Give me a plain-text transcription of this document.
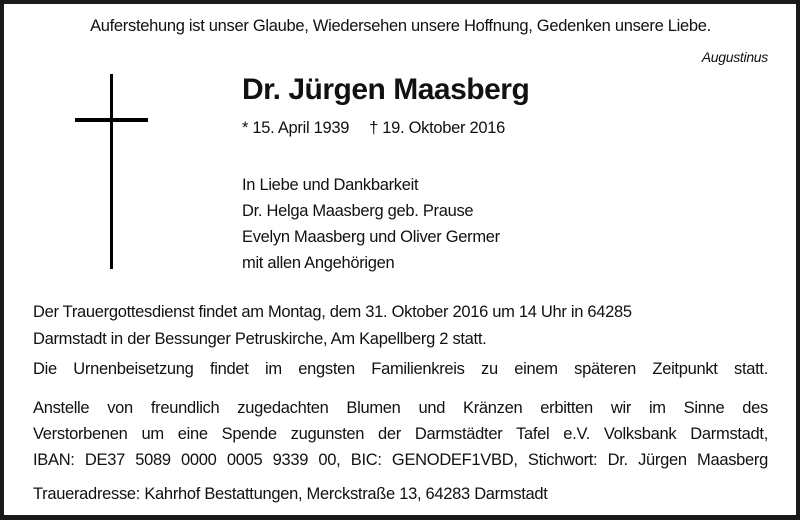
Auferstehung ist unser Glaube, Wiedersehen unsere Hoffnung, Gedenken unsere Liebe.
Augustinus
Dr. Jürgen Maasberg
* 15. April 1939 † 19. Oktober 2016
In Liebe und Dankbarkeit
Dr. Helga Maasberg geb. Prause
Evelyn Maasberg und Oliver Germer
mit allen Angehörigen
Der Trauergottesdienst findet am Montag, dem 31. Oktober 2016 um 14 Uhr in 64285
Darmstadt in der Bessunger Petruskirche, Am Kapellberg 2 statt.
Die Urnenbeisetzung findet im engsten Familienkreis zu einem späteren Zeitpunkt statt.
Anstelle von freundlich zugedachten Blumen und Kränzen erbitten wir im Sinne des
Verstorbenen um eine Spende zugunsten der Darmstädter Tafel e.V. Volksbank Darmstadt,
IBAN: DE37 5089 0000 0005 9339 00, BIC: GENODEF1VBD, Stichwort: Dr. Jürgen Maasberg
Traueradresse: Kahrhof Bestattungen, Merckstraße 13, 64283 Darmstadt
